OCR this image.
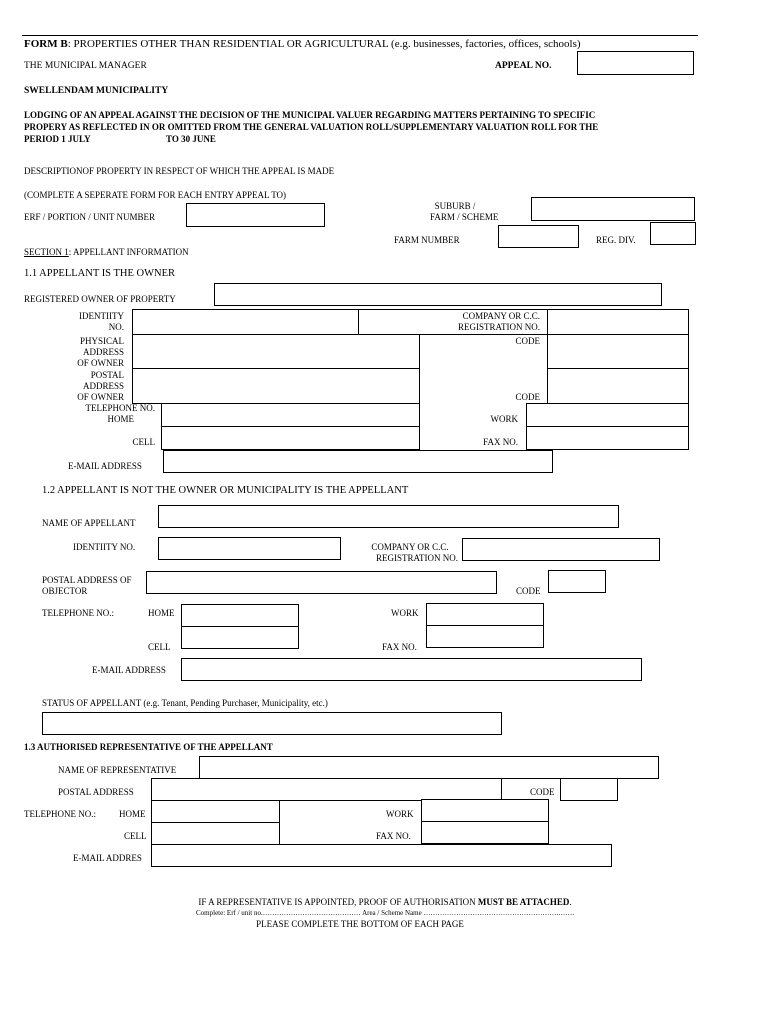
FORM B: PROPERTIES OTHER THAN RESIDENTIAL OR AGRICULTURAL (e.g. businesses, factories, offices, schools)
THE MUNICIPAL MANAGER	APPEAL NO.
SWELLENDAM MUNICIPALITY
LODGING OF AN APPEAL AGAINST THE DECISION OF THE MUNICIPAL VALUER REGARDING MATTERS PERTAINING TO SPECIFIC
PROPERY AS REFLECTED IN OR OMITTED FROM THE GENERAL VALUATION ROLL/SUPPLEMENTARY VALUATION ROLL FOR THE
PERIOD 1 JULY	TO 30 JUNE
DESCRIPTIONOF PROPERTY IN RESPECT OF WHICH THE APPEAL IS MADE
(COMPLETE A SEPERATE FORM FOR EACH ENTRY APPEAL TO)
ERF / PORTION / UNIT NUMBER
SUBURB /
FARM / SCHEME
FARM NUMBER	REG. DIV.
SECTION 1: APPELLANT INFORMATION
1.1 APPELLANT IS THE OWNER
REGISTERED OWNER OF PROPERTY
IDENTIITY
NO.
COMPANY OR C.C.
REGISTRATION NO.
PHYSICAL
ADDRESS
OF OWNER
CODE
POSTAL
ADDRESS
OF OWNER	CODE
TELEPHONE NO.
HOME	WORK
CELL	FAX NO.
E-MAIL ADDRESS
1.2 APPELLANT IS NOT THE OWNER OR MUNICIPALITY IS THE APPELLANT
NAME OF APPELLANT
IDENTIITY NO.	COMPANY OR C.C.
REGISTRATION NO.
POSTAL ADDRESS OF
OBJECTOR	CODE
TELEPHONE NO.:	HOME	WORK
CELL	FAX NO.
E-MAIL ADDRESS
STATUS OF APPELLANT (e.g. Tenant, Pending Purchaser, Municipality, etc.)
1.3 AUTHORISED REPRESENTATIVE OF THE APPELLANT
NAME OF REPRESENTATIVE
POSTAL ADDRESS	CODE
TELEPHONE NO.:	HOME	WORK
CELL	FAX NO.
E-MAIL ADDRES
IF A REPRESENTATIVE IS APPOINTED, PROOF OF AUTHORISATION MUST BE ATTACHED.
Complete: Erf / unit no.…………………………………… Area / Scheme Name ………………………………………………….…….
PLEASE COMPLETE THE BOTTOM OF EACH PAGE
